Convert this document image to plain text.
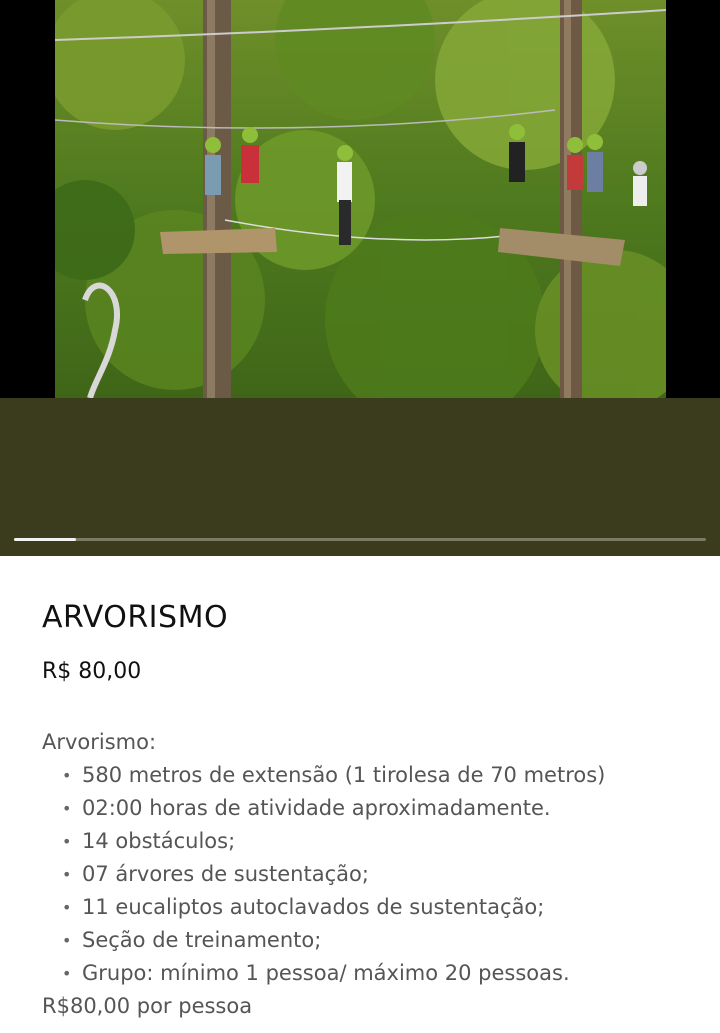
ARVORISMO
R$ 80,00
Arvorismo:
• 580 metros de extensão (1 tirolesa de 70 metros)
• 02:00 horas de atividade aproximadamente.
• 14 obstáculos;
• 07 árvores de sustentação;
• 11 eucaliptos autoclavados de sustentação;
• Seção de treinamento;
• Grupo: mínimo 1 pessoa/ máximo 20 pessoas.
R$80,00 por pessoa
